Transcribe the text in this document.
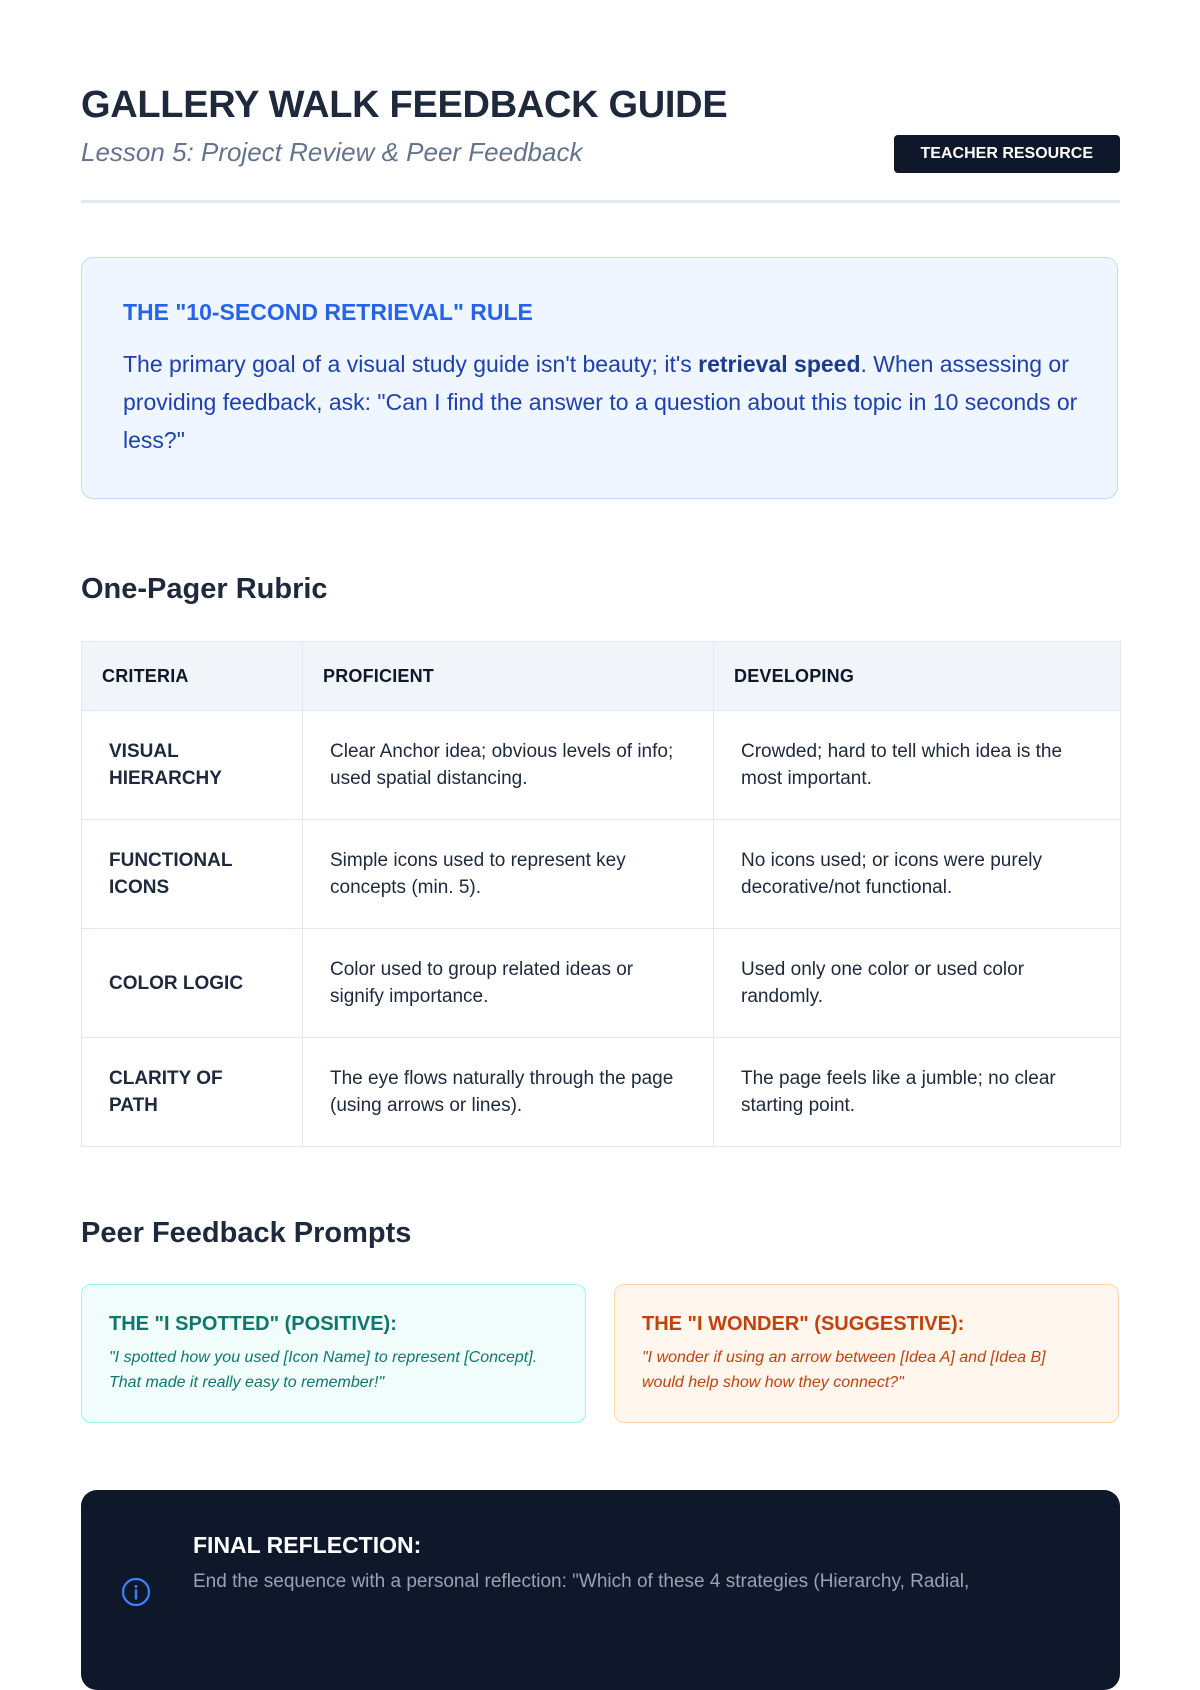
GALLERY WALK FEEDBACK GUIDE

Lesson 5: Project Review & Peer Feedback	TEACHER RESOURCE
THE "10-SECOND RETRIEVAL" RULE

The primary goal of a visual study guide isn't beauty; it's retrieval speed. When assessing or providing feedback, ask: "Can I find the answer to a question about this topic in 10 seconds or less?"

One-Pager Rubric
CRITERIA	PROFICIENT	DEVELOPING
VISUAL HIERARCHY	Clear Anchor idea; obvious levels of info; used spatial distancing.	Crowded; hard to tell which idea is the most important.
FUNCTIONAL ICONS	Simple icons used to represent key concepts (min. 5).	No icons used; or icons were purely decorative/not functional.
COLOR LOGIC	Color used to group related ideas or signify importance.	Used only one color or used color randomly.
CLARITY OF PATH	The eye flows naturally through the page (using arrows or lines).	The page feels like a jumble; no clear starting point.
Peer Feedback Prompts
THE "I SPOTTED" (POSITIVE):

"I spotted how you used [Icon Name] to represent [Concept]. That made it really easy to remember!"

THE "I WONDER" (SUGGESTIVE):

"I wonder if using an arrow between [Idea A] and [Idea B] would help show how they connect?"

FINAL REFLECTION:

End the sequence with a personal reflection: "Which of these 4 strategies (Hierarchy, Radial,
